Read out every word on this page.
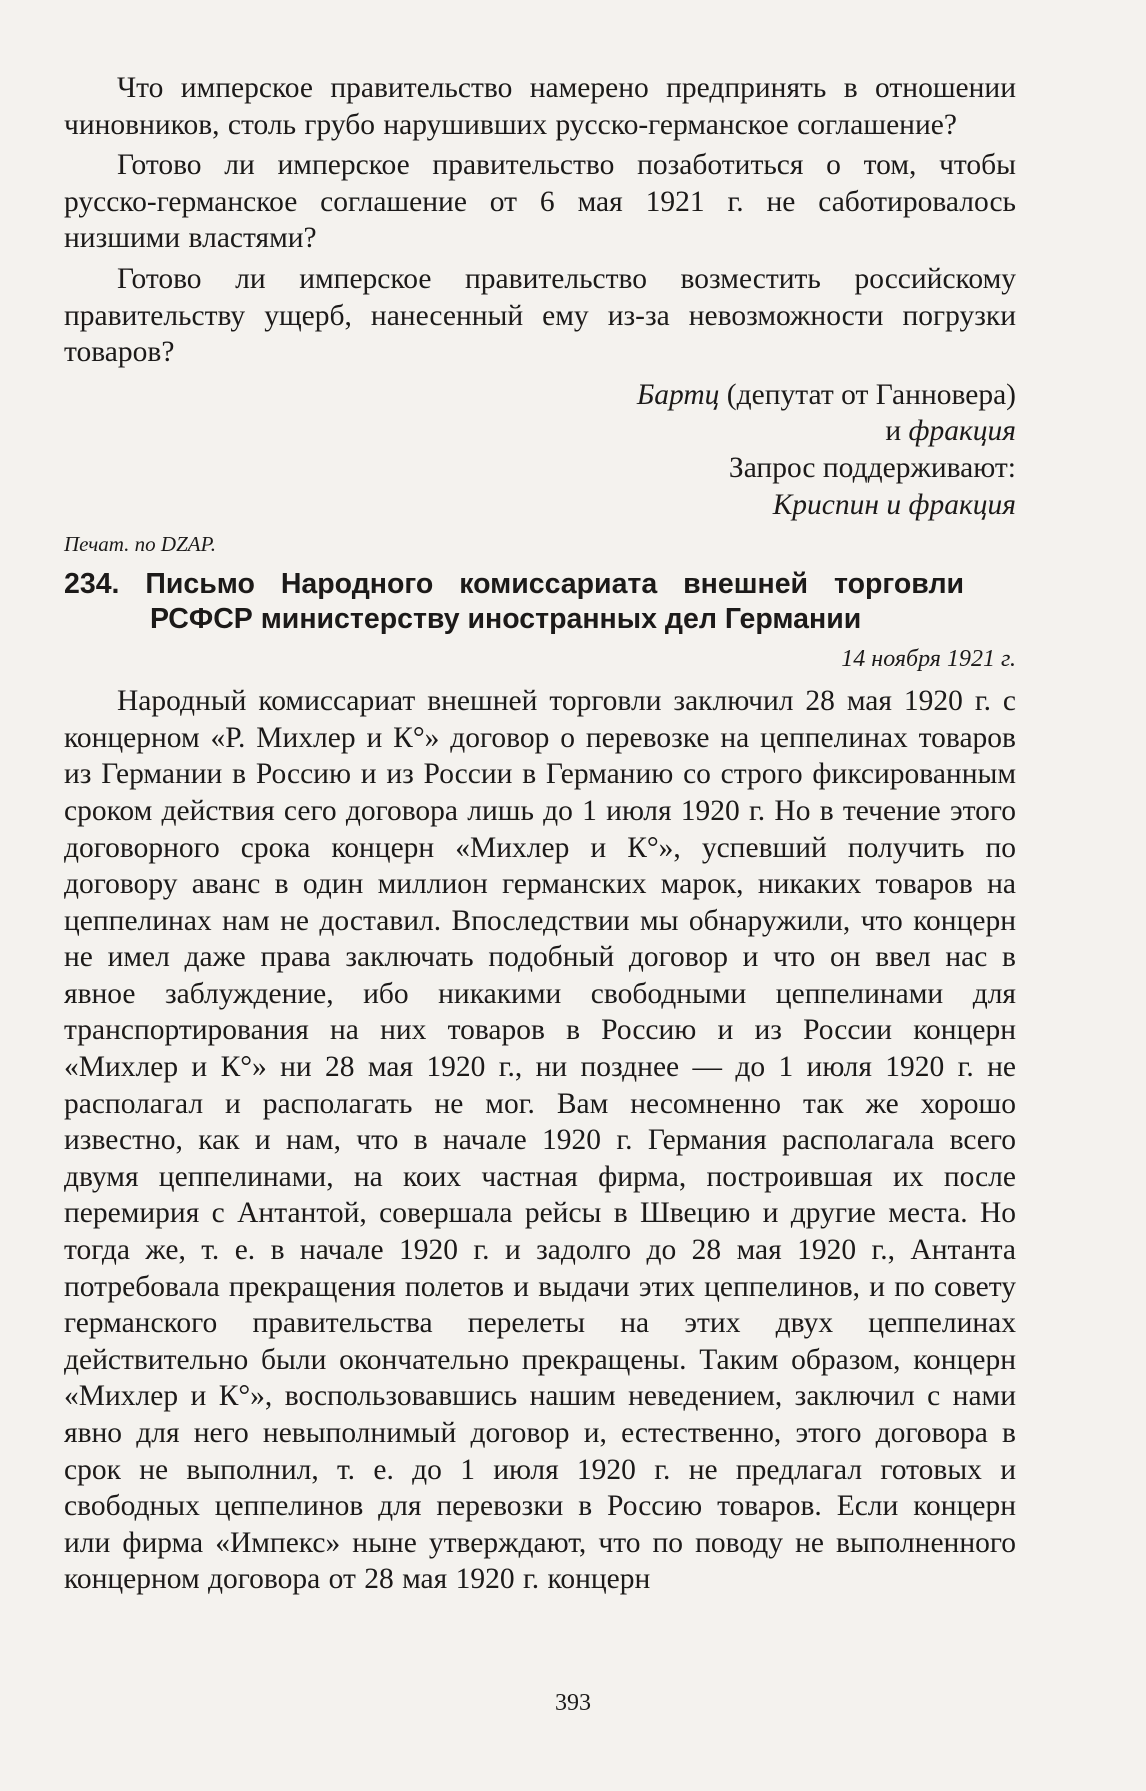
Что имперское правительство намерено предпринять в отношении чиновников, столь грубо нарушивших русско-германское соглашение?

Готово ли имперское правительство позаботиться о том, чтобы русско-германское соглашение от 6 мая 1921 г. не саботировалось низшими властями?

Готово ли имперское правительство возместить российскому правительству ущерб, нанесенный ему из-за невозможности погрузки товаров?

Бартц (депутат от Ганновера)
и фракция
Запрос поддерживают:
Криспин и фракция
Печат. по DZAP.
234. Письмо Народного комиссариата внешней торговли
РСФСР министерству иностранных дел Германии
14 ноября 1921 г.

Народный комиссариат внешней торговли заключил 28 мая 1920 г. с концерном «Р. Михлер и К°» договор о перевозке на цеппелинах товаров из Германии в Россию и из России в Германию со строго фиксированным сроком действия сего договора лишь до 1 июля 1920 г. Но в течение этого договорного срока концерн «Михлер и К°», успевший получить по договору аванс в один миллион германских марок, никаких товаров на цеппелинах нам не доставил. Впоследствии мы обнаружили, что концерн не имел даже права заключать подобный договор и что он ввел нас в явное заблуждение, ибо никакими свободными цеппелинами для транспортирования на них товаров в Россию и из России концерн «Михлер и К°» ни 28 мая 1920 г., ни позднее — до 1 июля 1920 г. не располагал и располагать не мог. Вам несомненно так же хорошо известно, как и нам, что в начале 1920 г. Германия располагала всего двумя цеппелинами, на коих частная фирма, построившая их после перемирия с Антантой, совершала рейсы в Швецию и другие места. Но тогда же, т. е. в начале 1920 г. и задолго до 28 мая 1920 г., Антанта потребовала прекращения полетов и выдачи этих цеппелинов, и по совету германского правительства перелеты на этих двух цеппелинах действительно были окончательно прекращены. Таким образом, концерн «Михлер и К°», воспользовавшись нашим неведением, заключил с нами явно для него невыполнимый договор и, естественно, этого договора в срок не выполнил, т. е. до 1 июля 1920 г. не предлагал готовых и свободных цеппелинов для перевозки в Россию товаров. Если концерн или фирма «Импекс» ныне утверждают, что по поводу не выполненного концерном договора от 28 мая 1920 г. концерн

393
